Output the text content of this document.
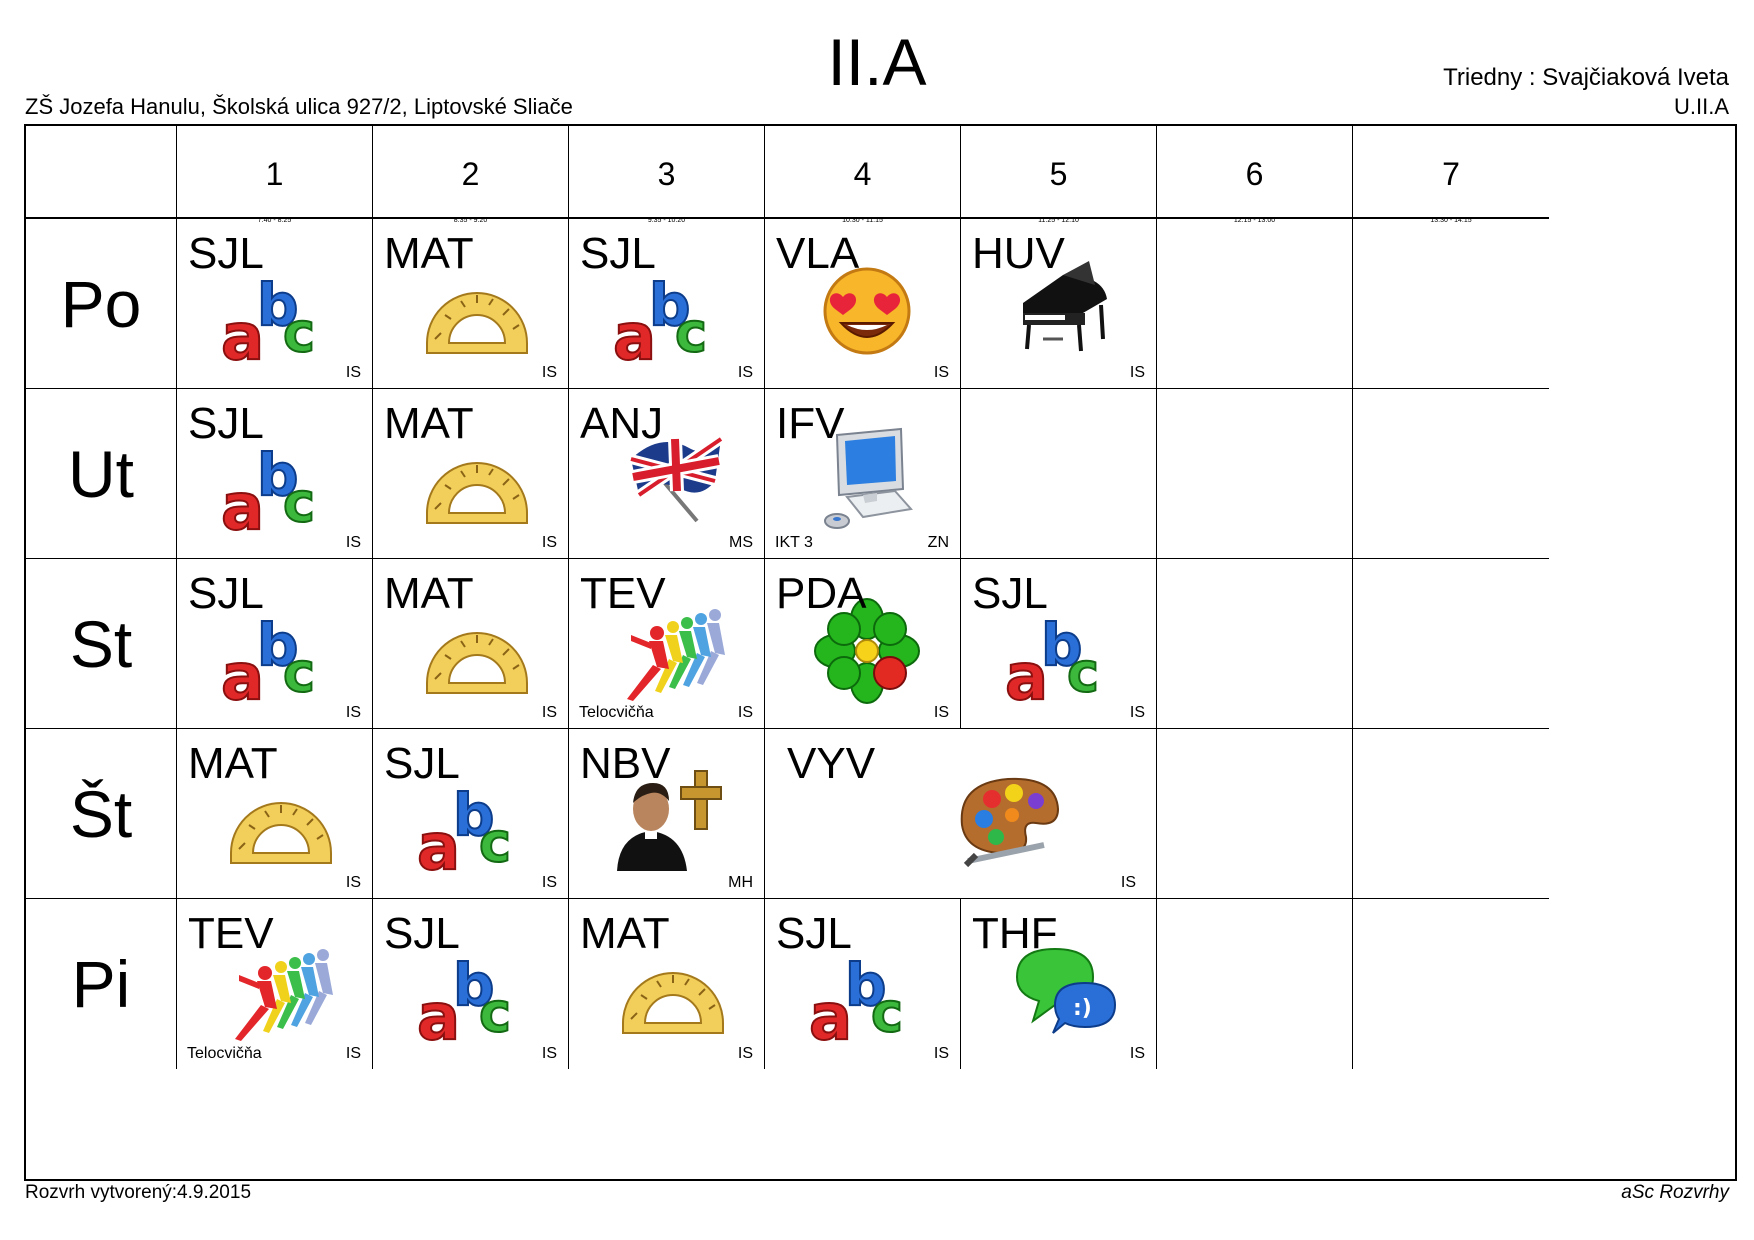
II.A
ZŠ Jozefa Hanulu, Školská ulica 927/2, Liptovské Sliače
Triedny : Svajčiaková Iveta
U.II.A
1
7:40 - 8:25
2
8:35 - 9:20
3
9:35 - 10:20
4
10:30 - 11:15
5
11:25 - 12:10
6
12:15 - 13:00
7
13:30 - 14:15
Po
Ut
St
Št
Pi
SJL
b
a c
IS
MAT
IS
SJL
b
a c
IS
VLA
IS
HUV
IS
SJL
b
a c
IS
MAT
IS
ANJ
MS
IFV
ZN
IKT 3
SJL
b
a c
IS
MAT
IS
TEV
IS
Telocvičňa
PDA
IS
SJL
b
a c
IS
MAT
IS
SJL
b
a c
IS
NBV
MH
VYV
IS
TEV
IS
Telocvičňa
SJL
b
a c
IS
MAT
IS
SJL
b
a c
IS
THF
:)
IS
Rozvrh vytvorený:4.9.2015	aSc Rozvrhy
